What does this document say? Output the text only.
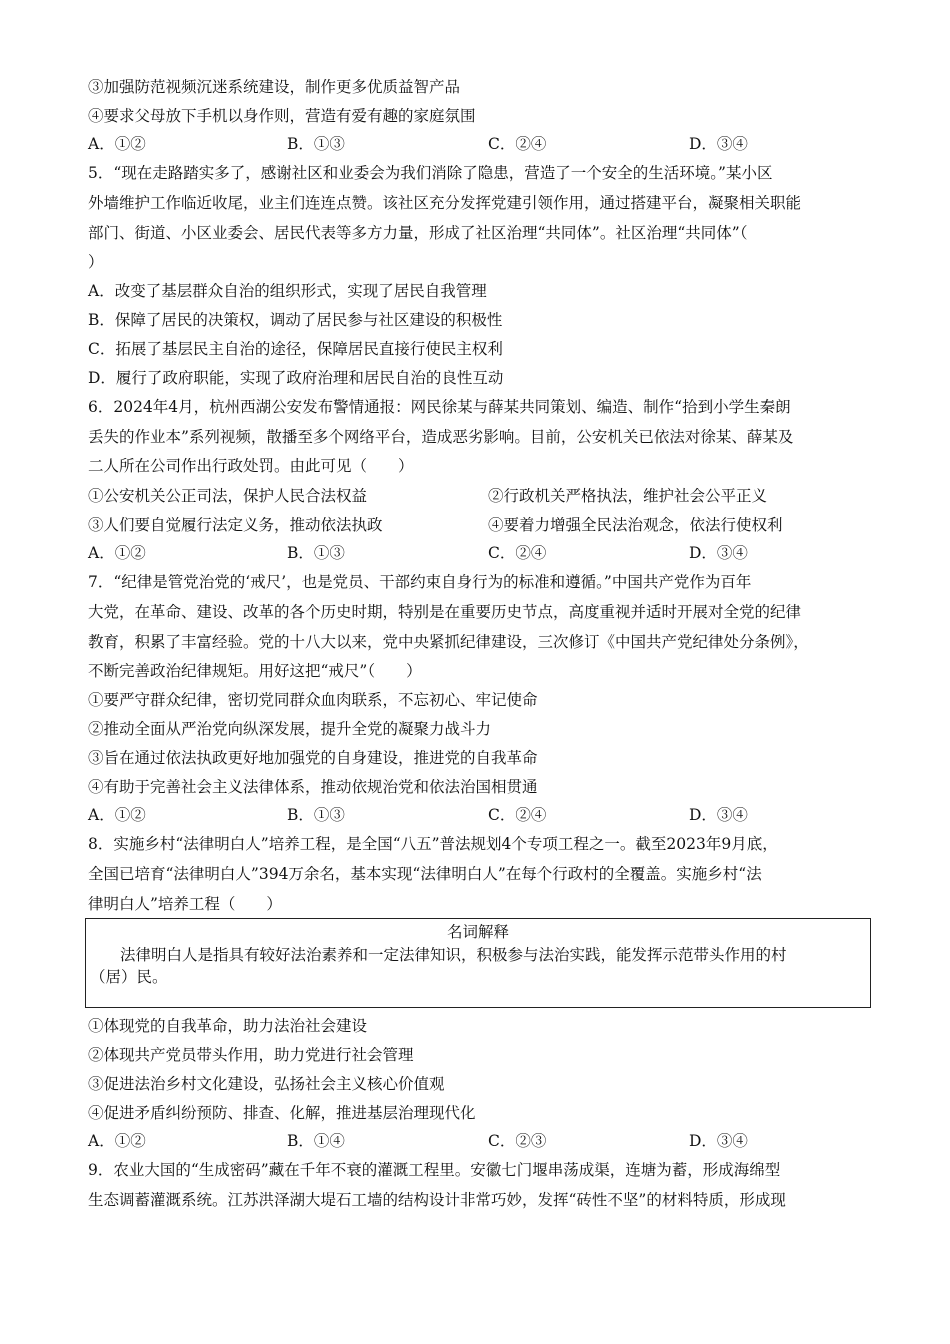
③加强防范视频沉迷系统建设，制作更多优质益智产品
④要求父母放下手机以身作则，营造有爱有趣的家庭氛围
A．①②	B．①③	C．②④	D．③④
5．“现在走路踏实多了，感谢社区和业委会为我们消除了隐患，营造了一个安全的生活环境。”某小区
外墙维护工作临近收尾，业主们连连点赞。该社区充分发挥党建引领作用，通过搭建平台，凝聚相关职能
部门、街道、小区业委会、居民代表等多方力量，形成了社区治理“共同体”。社区治理“共同体”（
）
A．改变了基层群众自治的组织形式，实现了居民自我管理
B．保障了居民的决策权，调动了居民参与社区建设的积极性
C．拓展了基层民主自治的途径，保障居民直接行使民主权利
D．履行了政府职能，实现了政府治理和居民自治的良性互动
6．2024年4月，杭州西湖公安发布警情通报：网民徐某与薛某共同策划、编造、制作“拾到小学生秦朗
丢失的作业本”系列视频，散播至多个网络平台，造成恶劣影响。目前，公安机关已依法对徐某、薛某及
二人所在公司作出行政处罚。由此可见（　　）
①公安机关公正司法，保护人民合法权益	②行政机关严格执法，维护社会公平正义
③人们要自觉履行法定义务，推动依法执政	④要着力增强全民法治观念，依法行使权利
A．①②	B．①③	C．②④	D．③④
7．“纪律是管党治党的‘戒尺’，也是党员、干部约束自身行为的标准和遵循。”中国共产党作为百年
大党，在革命、建设、改革的各个历史时期，特别是在重要历史节点，高度重视并适时开展对全党的纪律
教育，积累了丰富经验。党的十八大以来，党中央紧抓纪律建设，三次修订《中国共产党纪律处分条例》，
不断完善政治纪律规矩。用好这把“戒尺”（　　）
①要严守群众纪律，密切党同群众血肉联系，不忘初心、牢记使命
②推动全面从严治党向纵深发展，提升全党的凝聚力战斗力
③旨在通过依法执政更好地加强党的自身建设，推进党的自我革命
④有助于完善社会主义法律体系，推动依规治党和依法治国相贯通
A．①②	B．①③	C．②④	D．③④
8．实施乡村“法律明白人”培养工程，是全国“八五”普法规划4个专项工程之一。截至2023年9月底，
全国已培育“法律明白人”394万余名，基本实现“法律明白人”在每个行政村的全覆盖。实施乡村“法
律明白人”培养工程（　　）
名词解释
法律明白人是指具有较好法治素养和一定法律知识，积极参与法治实践，能发挥示范带头作用的村
（居）民。
①体现党的自我革命，助力法治社会建设
②体现共产党员带头作用，助力党进行社会管理
③促进法治乡村文化建设，弘扬社会主义核心价值观
④促进矛盾纠纷预防、排查、化解，推进基层治理现代化
A．①②	B．①④	C．②③	D．③④
9．农业大国的“生成密码”藏在千年不衰的灌溉工程里。安徽七门堰串荡成渠，连塘为蓄，形成海绵型
生态调蓄灌溉系统。江苏洪泽湖大堤石工墙的结构设计非常巧妙，发挥“砖性不坚”的材料特质，形成现
